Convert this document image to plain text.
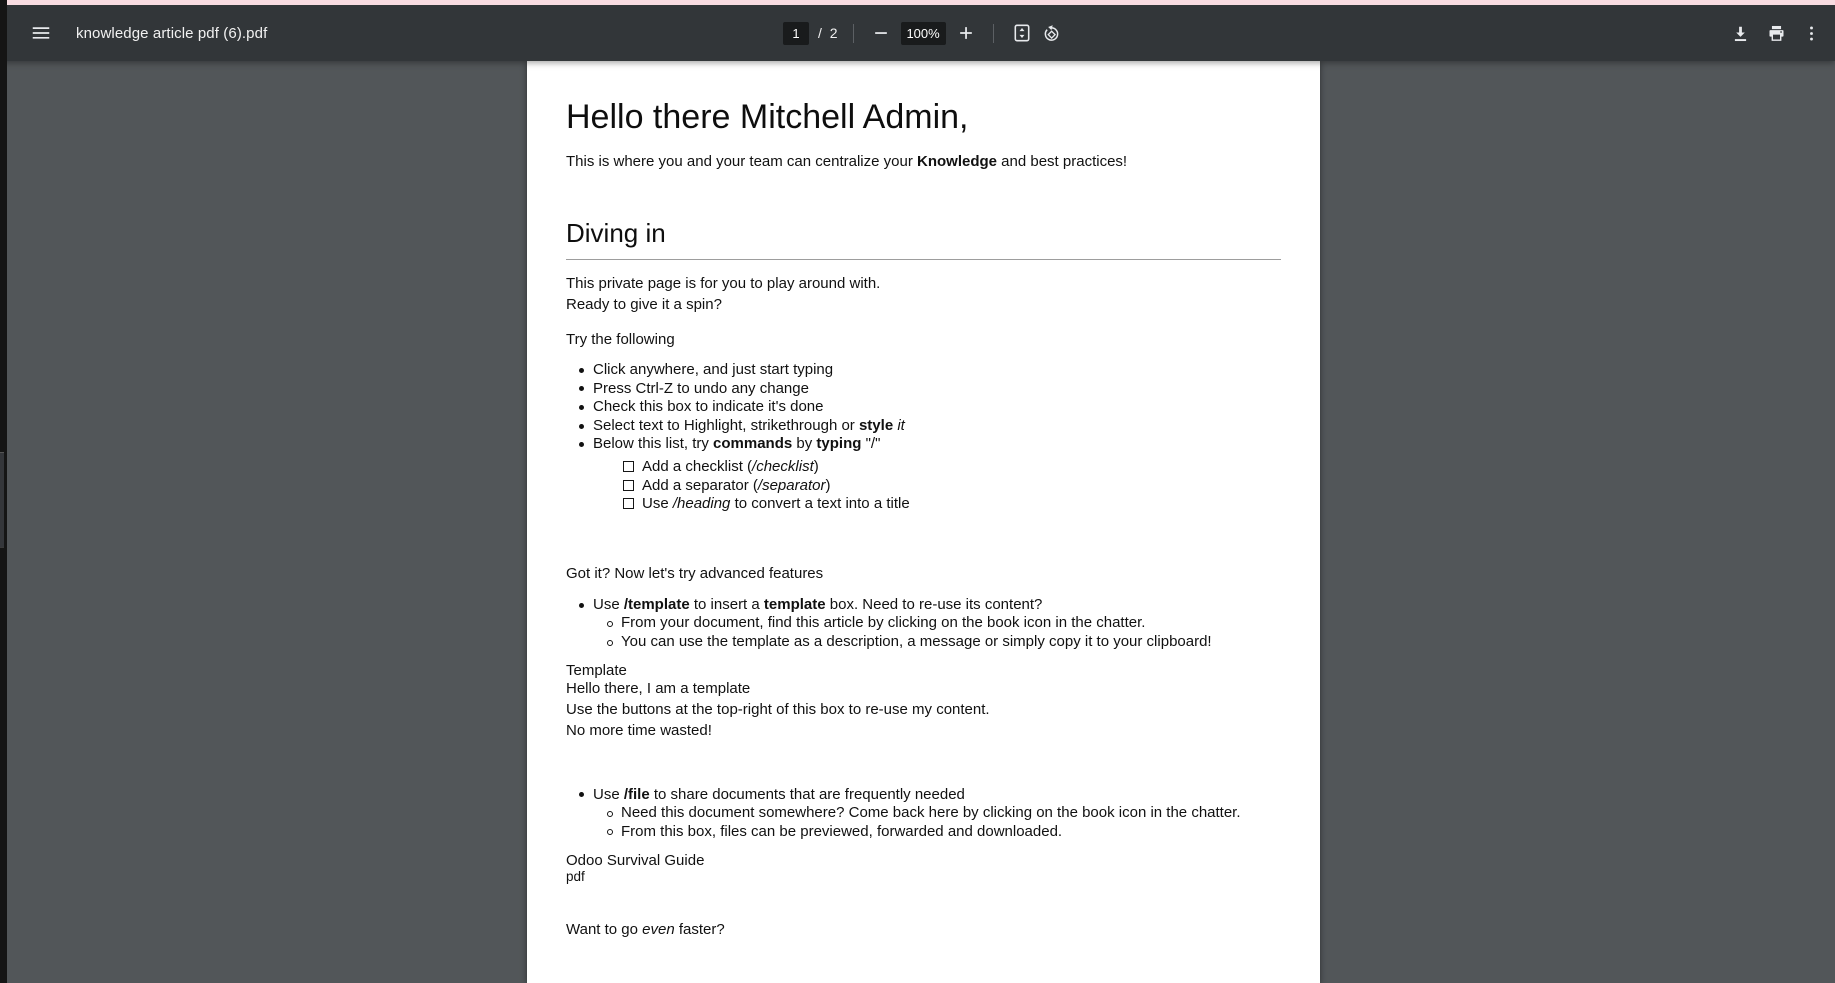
knowledge article pdf (6).pdf
1	/ 2	100%
Hello there Mitchell Admin,

This is where you and your team can centralize your Knowledge and best practices!

Diving in

This private page is for you to play around with.

Ready to give it a spin?

Try the following

Click anywhere, and just start typing
Press Ctrl-Z to undo any change
Check this box to indicate it's done
Select text to Highlight, strikethrough or style it
Below this list, try commands by typing "/"
Add a checklist (/checklist)
Add a separator (/separator)
Use /heading to convert a text into a title

Got it? Now let's try advanced features

Use /template to insert a template box. Need to re-use its content?
From your document, find this article by clicking on the book icon in the chatter.
You can use the template as a description, a message or simply copy it to your clipboard!
Template
Hello there, I am a template
Use the buttons at the top-right of this box to re-use my content.
No more time wasted!
Use /file to share documents that are frequently needed
Need this document somewhere? Come back here by clicking on the book icon in the chatter.
From this box, files can be previewed, forwarded and downloaded.
Odoo Survival Guide
pdf

Want to go even faster?
